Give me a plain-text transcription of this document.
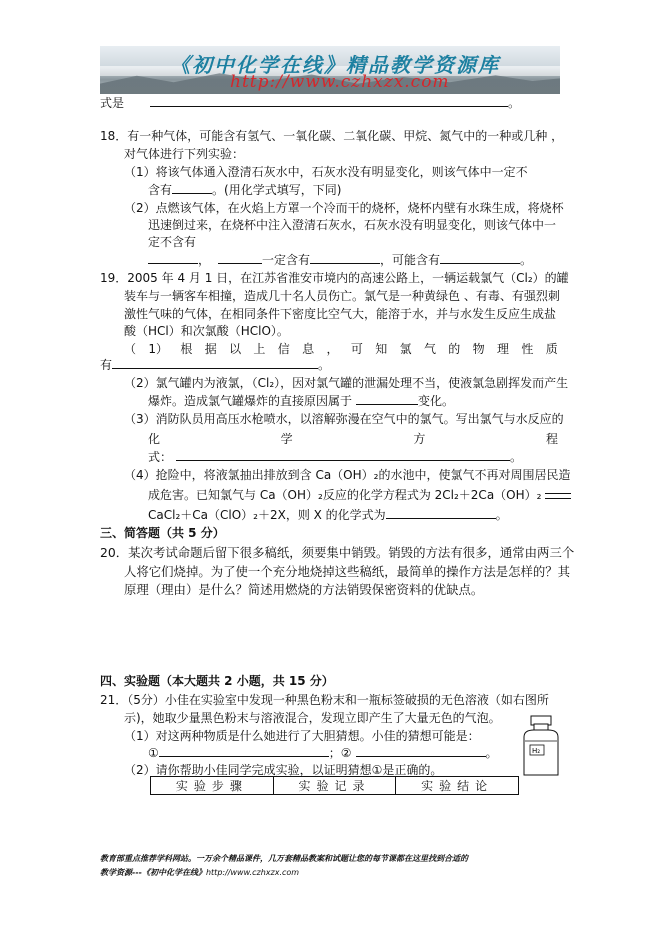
《初中化学在线》精品教学资源库
http://www.czhxzx.com
式是	。
18．有一种气体，可能含有氢气、一氧化碳、二氧化碳、甲烷、氮气中的一种或几种 ，
对气体进行下列实验：
（1）将该气体通入澄清石灰水中，石灰水没有明显变化，则该气体中一定不
含有	。(用化学式填写，下同)
（2）点燃该气体，在火焰上方罩一个冷而干的烧杯，烧杯内壁有水珠生成，将烧杯
迅速倒过来，在烧杯中注入澄清石灰水，石灰水没有明显变化，则该气体中一
定不含有
，	一定含有	，可能含有	。
19．2005 年 4 月 1 日，在江苏省淮安市境内的高速公路上，一辆运载氯气（Cl₂）的罐
装车与一辆客车相撞，造成几十名人员伤亡。氯气是一种黄绿色 、有毒、有强烈刺
激性气味的气体，在相同条件下密度比空气大，能溶于水，并与水发生反应生成盐
酸（HCl）和次氯酸（HClO）。
（ 1） 根 据 以 上 信 息 ， 可 知 氯 气 的 物 理 性 质
有	。
（2）氯气罐内为液氯，（Cl₂），因对氯气罐的泄漏处理不当，使液氯急剧挥发而产生
爆炸。造成氯气罐爆炸的直接原因属于	变化。
（3）消防队员用高压水枪喷水，以溶解弥漫在空气中的氯气。写出氯气与水反应的
化	学	方	程
式：	。
（4）抢险中，将液氯抽出排放到含 Ca（OH）₂的水池中，使氯气不再对周围居民造
成危害。已知氯气与 Ca（OH）₂反应的化学方程式为 2Cl₂＋2Ca（OH）₂
CaCl₂＋Ca（ClO）₂＋2X，则 X 的化学式为	。
三、简答题（共 5 分）
20．某次考试命题后留下很多稿纸，须要集中销毁。销毁的方法有很多，通常由两三个
人将它们烧掉。为了使一个充分地烧掉这些稿纸，最简单的操作方法是怎样的？其
原理（理由）是什么？简述用燃烧的方法销毁保密资料的优缺点。
四、实验题（本大题共 2 小题，共 15 分）
21．（5分）小佳在实验室中发现一种黑色粉末和一瓶标签破损的无色溶液（如右图所
示)，她取少量黑色粉末与溶液混合，发现立即产生了大量无色的气泡。
（1）对这两种物质是什么她进行了大胆猜想。小佳的猜想可能是：
①	；②	。
（2）请你帮助小佳同学完成实验，以证明猜想①是正确的。
实验步骤	实验记录	实验结论
H₂
教育部重点推荐学科网站。一万余个精品课件，几万套精品教案和试题让您的每节课都在这里找到合适的
教学资源---《初中化学在线》http://www.czhxzx.com
